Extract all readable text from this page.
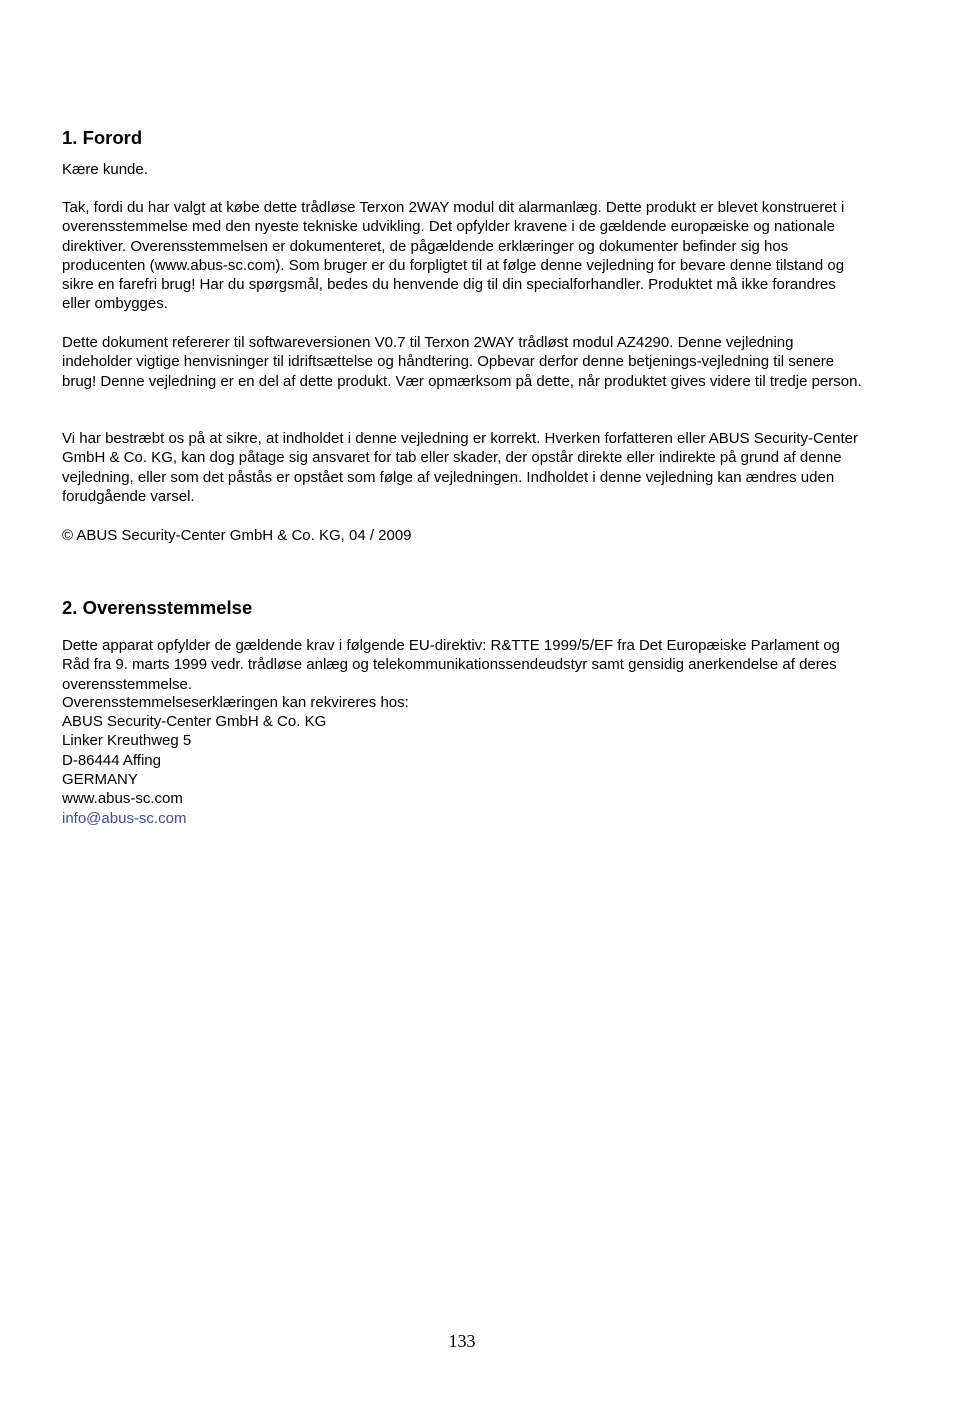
1. Forord

Kære kunde.

Tak, fordi du har valgt at købe dette trådløse Terxon 2WAY modul dit alarmanlæg. Dette produkt er blevet konstrueret i overensstemmelse med den nyeste tekniske udvikling. Det opfylder kravene i de gældende europæiske og nationale direktiver. Overensstemmelsen er dokumenteret, de pågældende erklæringer og dokumenter befinder sig hos producenten (www.abus-sc.com). Som bruger er du forpligtet til at følge denne vejledning for bevare denne tilstand og sikre en farefri brug! Har du spørgsmål, bedes du henvende dig til din specialforhandler. Produktet må ikke forandres eller ombygges.

Dette dokument refererer til softwareversionen V0.7 til Terxon 2WAY trådløst modul AZ4290. Denne vejledning indeholder vigtige henvisninger til idriftsættelse og håndtering. Opbevar derfor denne betjenings-vejledning til senere brug! Denne vejledning er en del af dette produkt. Vær opmærksom på dette, når produktet gives videre til tredje person.

Vi har bestræbt os på at sikre, at indholdet i denne vejledning er korrekt. Hverken forfatteren eller ABUS Security-Center GmbH & Co. KG, kan dog påtage sig ansvaret for tab eller skader, der opstår direkte eller indirekte på grund af denne vejledning, eller som det påstås er opstået som følge af vejledningen. Indholdet i denne vejledning kan ændres uden forudgående varsel.

© ABUS Security-Center GmbH & Co. KG, 04 / 2009

2. Overensstemmelse

Dette apparat opfylder de gældende krav i følgende EU-direktiv: R&TTE 1999/5/EF fra Det Europæiske Parlament og Råd fra 9. marts 1999 vedr. trådløse anlæg og telekommunikationssendeudstyr samt gensidig anerkendelse af deres overensstemmelse.

Overensstemmelseserklæringen kan rekvireres hos:

ABUS Security-Center GmbH & Co. KG

Linker Kreuthweg 5

D-86444 Affing

GERMANY

www.abus-sc.com

info@abus-sc.com

133
